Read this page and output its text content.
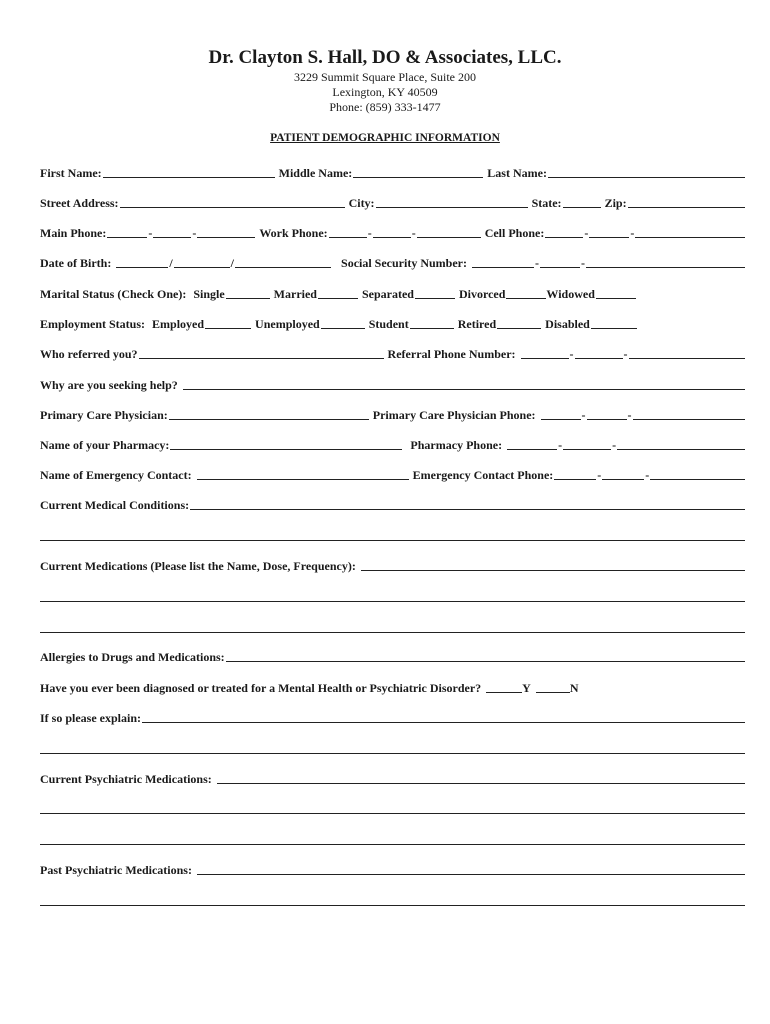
Dr. Clayton S. Hall, DO & Associates, LLC.
3229 Summit Square Place, Suite 200
Lexington, KY 40509
Phone: (859) 333-1477
PATIENT DEMOGRAPHIC INFORMATION
First Name:	Middle Name:	Last Name:
Street Address:	City:	State:	Zip:
Main Phone:	-	-	Work Phone:	-	-	Cell Phone:	-	-
Date of Birth:	/	/	Social Security Number:	-	-
Marital Status (Check One): Single	Married	Separated	Divorced	Widowed
Employment Status: Employed	Unemployed	Student	Retired	Disabled
Who referred you?	Referral Phone Number:	-	-
Why are you seeking help?
Primary Care Physician:	Primary Care Physician Phone:	-	-
Name of your Pharmacy:	Pharmacy Phone:	-	-
Name of Emergency Contact:	Emergency Contact Phone:	-	-
Current Medical Conditions:
Current Medications (Please list the Name, Dose, Frequency):
Allergies to Drugs and Medications:
Have you ever been diagnosed or treated for a Mental Health or Psychiatric Disorder?	Y	N
If so please explain:
Current Psychiatric Medications:
Past Psychiatric Medications:
